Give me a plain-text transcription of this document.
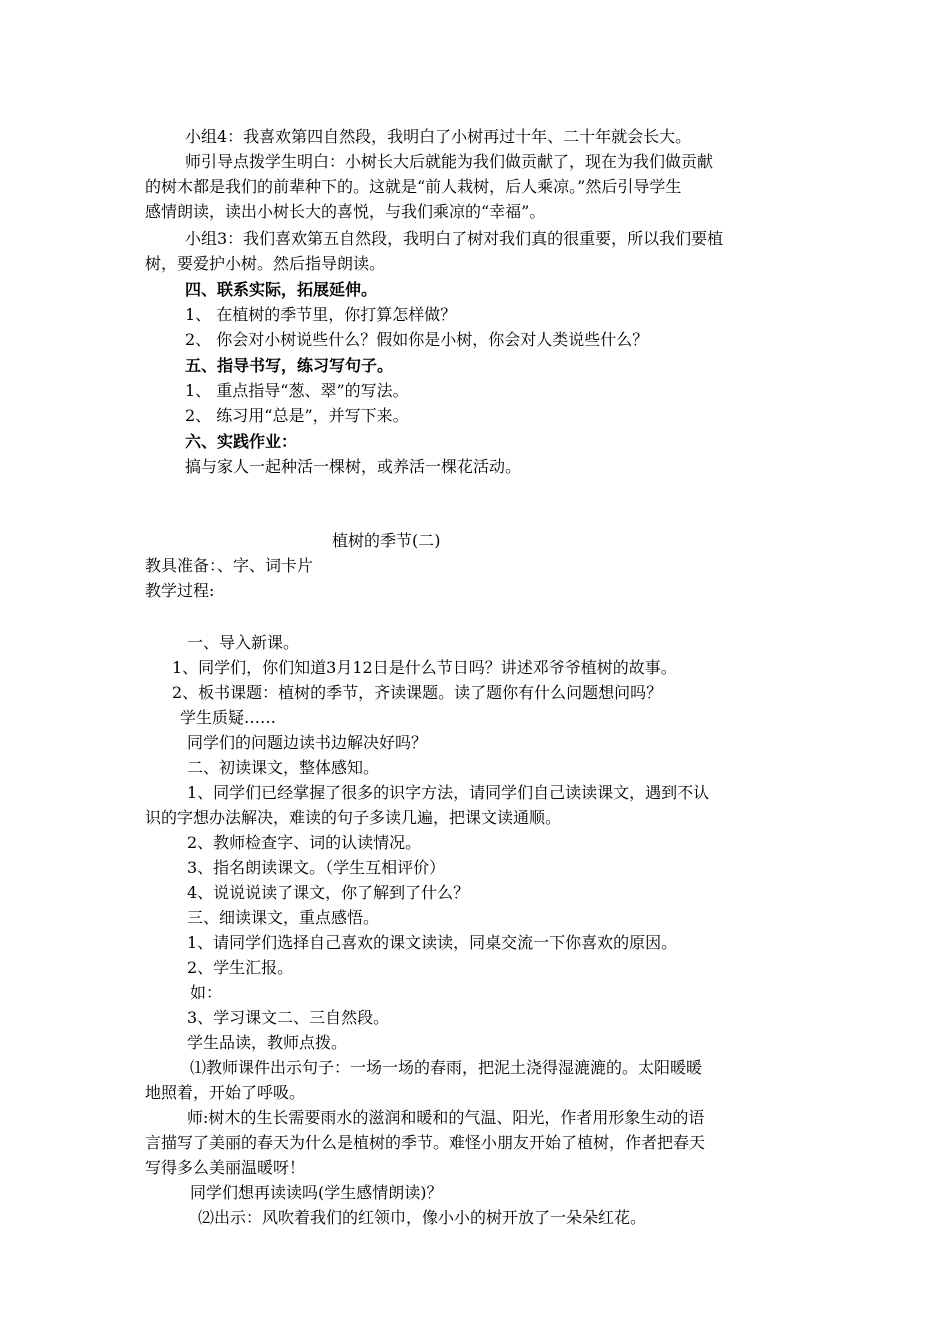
小组4：我喜欢第四自然段，我明白了小树再过十年、二十年就会长大。
师引导点拨学生明白：小树长大后就能为我们做贡献了，现在为我们做贡献
的树木都是我们的前辈种下的。这就是“前人栽树，后人乘凉。”然后引导学生
感情朗读，读出小树长大的喜悦，与我们乘凉的“幸福”。
小组3：我们喜欢第五自然段，我明白了树对我们真的很重要，所以我们要植
树，要爱护小树。然后指导朗读。
四、联系实际，拓展延伸。
1、 在植树的季节里，你打算怎样做？
2、 你会对小树说些什么？假如你是小树，你会对人类说些什么？
五、指导书写，练习写句子。
1、 重点指导“葱、翠”的写法。
2、 练习用“总是”，并写下来。
六、实践作业：
搞与家人一起种活一棵树，或养活一棵花活动。
植树的季节(二)
教具准备：、字、词卡片
教学过程:
一、导入新课。
1、同学们，你们知道3月12日是什么节日吗？讲述邓爷爷植树的故事。
2、板书课题：植树的季节，齐读课题。读了题你有什么问题想问吗？
学生质疑……
同学们的问题边读书边解决好吗？
二、初读课文，整体感知。
1、同学们已经掌握了很多的识字方法，请同学们自己读读课文，遇到不认
识的字想办法解决，难读的句子多读几遍，把课文读通顺。
2、教师检查字、词的认读情况。
3、指名朗读课文。（学生互相评价）
4、说说说读了课文，你了解到了什么？
三、细读课文，重点感悟。
1、请同学们选择自己喜欢的课文读读，同桌交流一下你喜欢的原因。
2、学生汇报。
如：
3、学习课文二、三自然段。
学生品读，教师点拨。
⑴教师课件出示句子：一场一场的春雨，把泥土浇得湿漉漉的。太阳暖暖
地照着，开始了呼吸。
师:树木的生长需要雨水的滋润和暖和的气温、阳光，作者用形象生动的语
言描写了美丽的春天为什么是植树的季节。难怪小朋友开始了植树，作者把春天
写得多么美丽温暖呀！
同学们想再读读吗(学生感情朗读)？
⑵出示：风吹着我们的红领巾，像小小的树开放了一朵朵红花。
